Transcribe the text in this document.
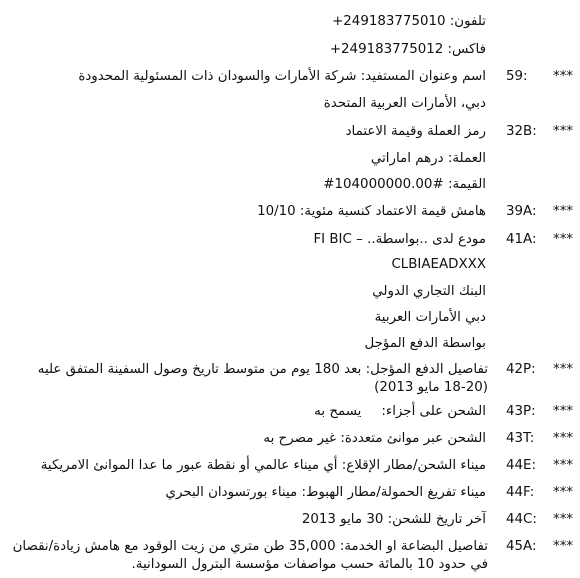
تلفون: +249183775010
فاكس: +249183775012
***
59:
اسم وعنوان المستفيد: شركة الأمارات والسودان ذات المسئولية المحدودة
دبي، الأمارات العربية المتحدة
***
32B:
رمز العملة وقيمة الاعتماد
العملة: درهم اماراتي
القيمة: ‎#104000000.00#
***
39A:
هامش قيمة الاعتماد كنسبة مئوية: 10/10
***
41A:
مودع لدى ..بواسطة.. – FI BIC
CLBIAEADXXX
البنك التجاري الدولي
دبي الأمارات العربية
بواسطة الدفع المؤجل
***
42P:
تفاصيل الدفع المؤجل: بعد 180 يوم من متوسط تاريخ وصول السفينة المتفق عليه (20-18 مايو 2013)
***
43P:
الشحن على أجزاء:يسمح به
***
43T:
الشحن عبر موانئ متعددة: غير مصرح به
***
44E:
ميناء الشحن/مطار الإقلاع: أي ميناء عالمي أو نقطة عبور ما عدا الموانئ الامريكية
***
44F:
ميناء تفريغ الحمولة/مطار الهبوط: ميناء بورتسودان البحري
***
44C:
آخر تاريخ للشحن: 30 مايو 2013
***
45A:
تفاصيل البضاعة او الخدمة: 35,000 طن متري من زيت الوقود مع هامش زيادة/نقصان في حدود 10 بالمائة حسب مواصفات مؤسسة البترول السودانية.
